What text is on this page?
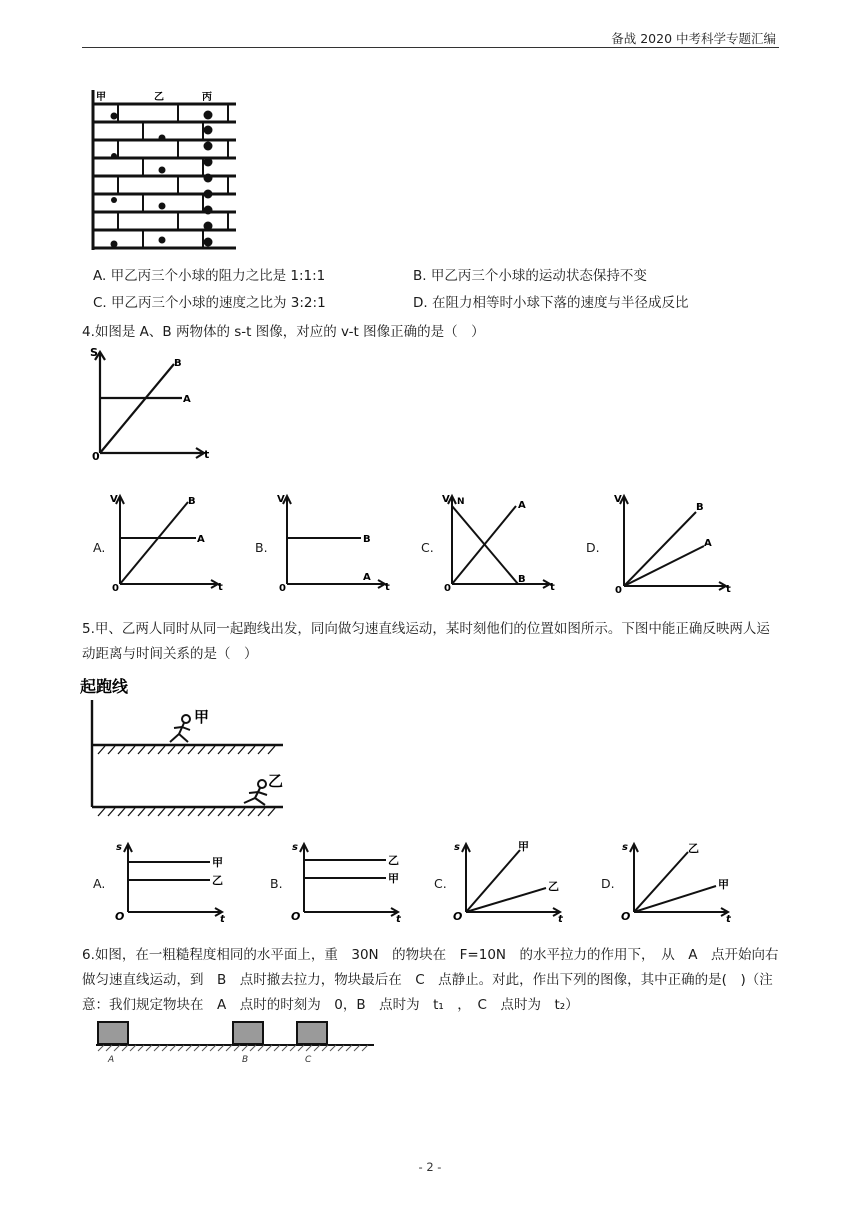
备战 2020 中考科学专题汇编
甲	乙	丙
A. 甲乙丙三个小球的阻力之比是 1:1:1	B. 甲乙丙三个小球的运动状态保持不变
C. 甲乙丙三个小球的速度之比为 3:2:1	D. 在阻力相等时小球下落的速度与半径成反比
4.如图是 A、B 两物体的 s-t 图像，对应的 v-t 图像正确的是（　）
S
0	t
B
A
A.
V
0	t
B
A
B.
V
0	t
B
A
C.
V
0	t
N	A
B
D.
V
0	t
B
A
5.甲、乙两人同时从同一起跑线出发，同向做匀速直线运动，某时刻他们的位置如图所示。下图中能正确反映两人运动距离与时间关系的是（　）
起跑线
甲
乙
A.
s
O	t
甲
乙	B.
s
O	t
乙
甲	C.
s
O	t
甲
乙	D.
s
O	t
乙
甲
6.如图，在一粗糙程度相同的水平面上，重　30N　的物块在　F=10N　的水平拉力的作用下，　从　A　点开始向右做匀速直线运动，到　B　点时撤去拉力，物块最后在　C　点静止。对此，作出下列的图像，其中正确的是(　)（注意：我们规定物块在　A　点时的时刻为　0，B　点时为　t₁　，　C　点时为　t₂）
A	B	C
- 2 -
